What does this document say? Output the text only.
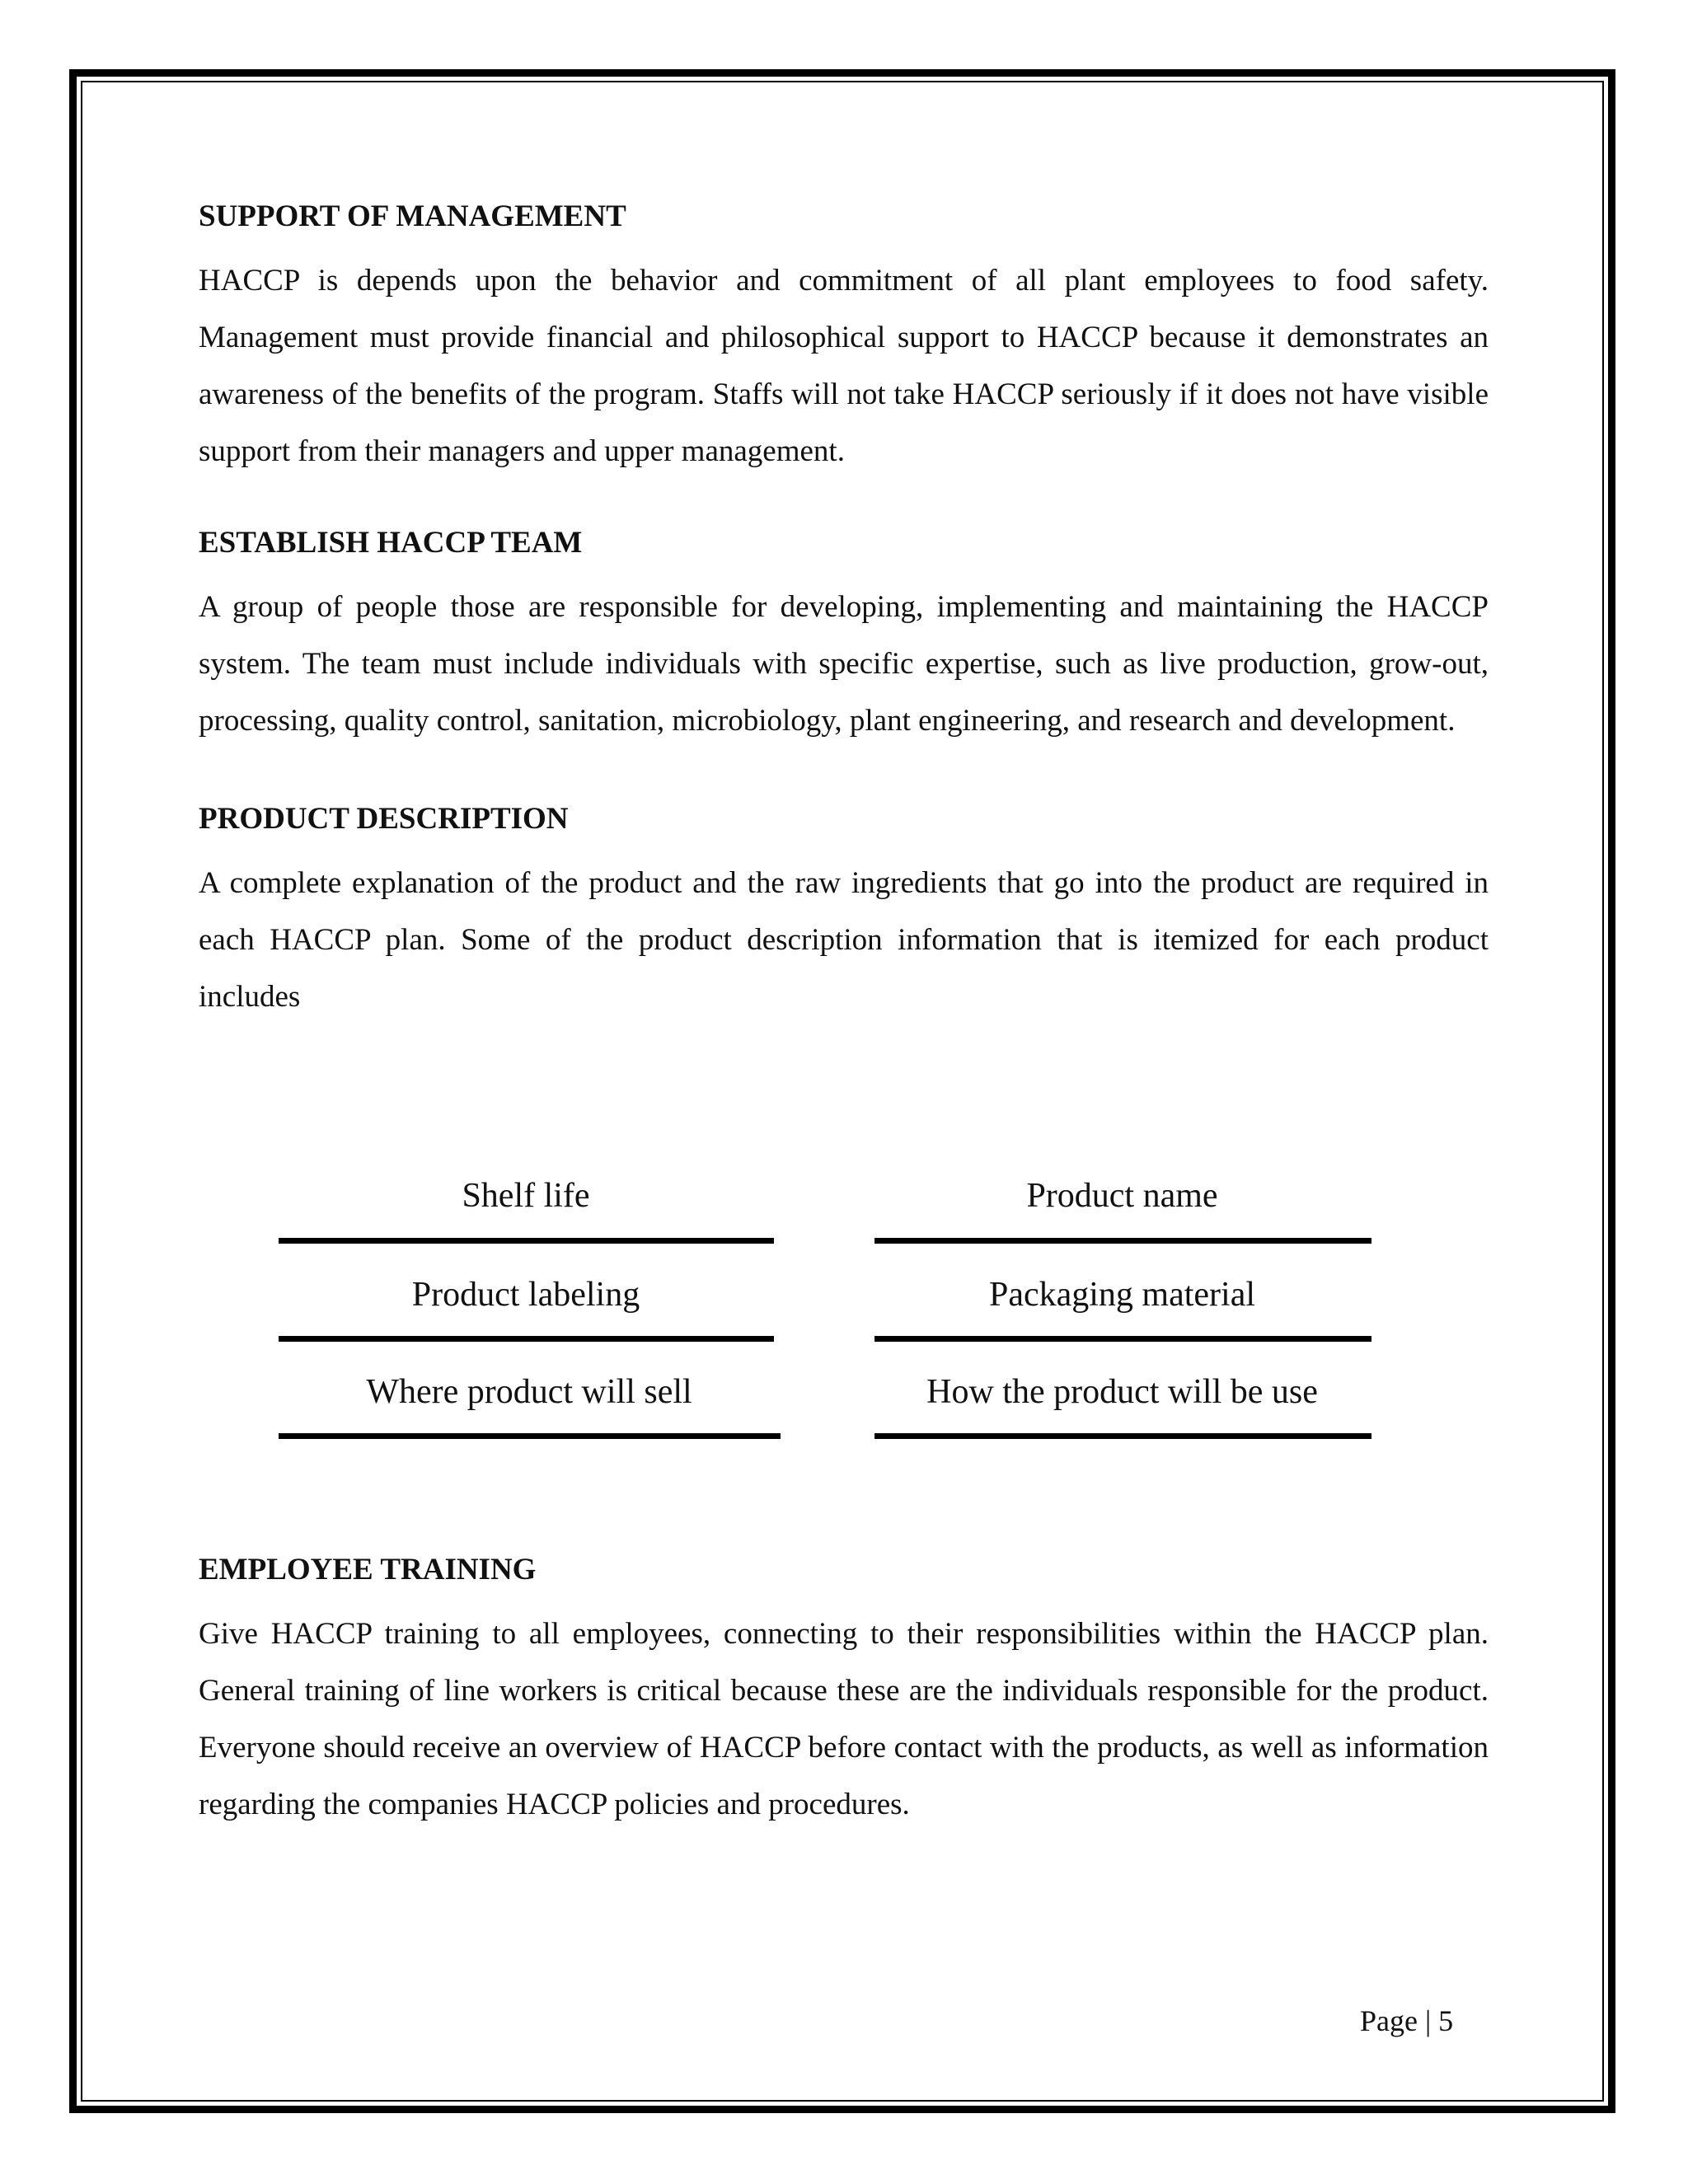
SUPPORT OF MANAGEMENT

HACCP is depends upon the behavior and commitment of all plant employees to food safety. Management must provide financial and philosophical support to HACCP because it demonstrates an awareness of the benefits of the program. Staffs will not take HACCP seriously if it does not have visible support from their managers and upper management.

ESTABLISH HACCP TEAM

A group of people those are responsible for developing, implementing and maintaining the HACCP system. The team must include individuals with specific expertise, such as live production, grow-out, processing, quality control, sanitation, microbiology, plant engineering, and research and development.

PRODUCT DESCRIPTION

A complete explanation of the product and the raw ingredients that go into the product are required in each HACCP plan. Some of the product description information that is itemized for each product includes

Shelf life	Product name
Product labeling	Packaging material
Where product will sell	How the product will be use
EMPLOYEE TRAINING

Give HACCP training to all employees, connecting to their responsibilities within the HACCP plan. General training of line workers is critical because these are the individuals responsible for the product. Everyone should receive an overview of HACCP before contact with the products, as well as information regarding the companies HACCP policies and procedures.

Page | 5
